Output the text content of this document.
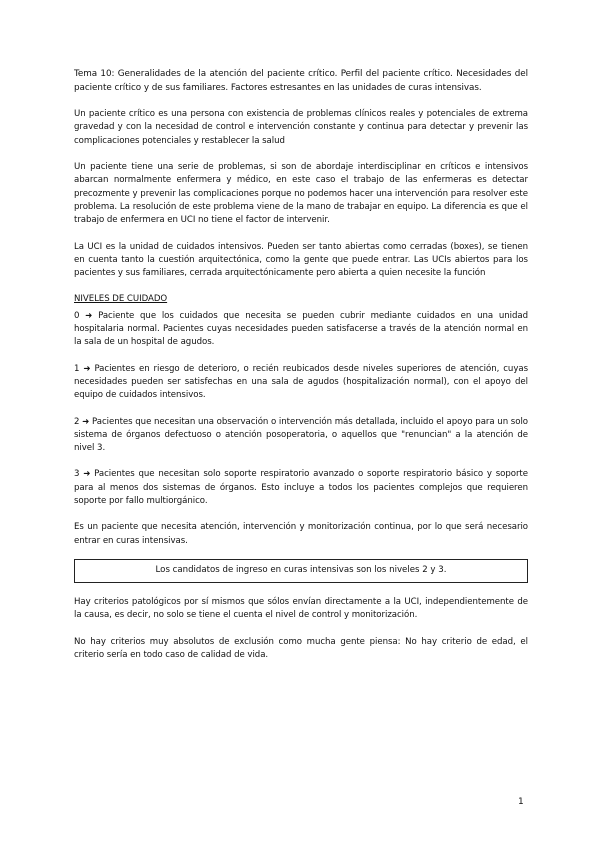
Tema 10: Generalidades de la atención del paciente crítico. Perfil del paciente crítico. Necesidades del paciente crítico y de sus familiares. Factores estresantes en las unidades de curas intensivas.

Un paciente crítico es una persona con existencia de problemas clínicos reales y potenciales de extrema gravedad y con la necesidad de control e intervención constante y continua para detectar y prevenir las complicaciones potenciales y restablecer la salud

Un paciente tiene una serie de problemas, si son de abordaje interdisciplinar en críticos e intensivos abarcan normalmente enfermera y médico, en este caso el trabajo de las enfermeras es detectar precozmente y prevenir las complicaciones porque no podemos hacer una intervención para resolver este problema. La resolución de este problema viene de la mano de trabajar en equipo. La diferencia es que el trabajo de enfermera en UCI no tiene el factor de intervenir.

La UCI es la unidad de cuidados intensivos. Pueden ser tanto abiertas como cerradas (boxes), se tienen en cuenta tanto la cuestión arquitectónica, como la gente que puede entrar. Las UCIs abiertos para los pacientes y sus familiares, cerrada arquitectónicamente pero abierta a quien necesite la función

NIVELES DE CUIDADO

0 ➜ Paciente que los cuidados que necesita se pueden cubrir mediante cuidados en una unidad hospitalaria normal. Pacientes cuyas necesidades pueden satisfacerse a través de la atención normal en la sala de un hospital de agudos.

1 ➜ Pacientes en riesgo de deterioro, o recién reubicados desde niveles superiores de atención, cuyas necesidades pueden ser satisfechas en una sala de agudos (hospitalización normal), con el apoyo del equipo de cuidados intensivos.

2 ➜ Pacientes que necesitan una observación o intervención más detallada, incluido el apoyo para un solo sistema de órganos defectuoso o atención posoperatoria, o aquellos que "renuncian" a la atención de nivel 3.

3 ➜ Pacientes que necesitan solo soporte respiratorio avanzado o soporte respiratorio básico y soporte para al menos dos sistemas de órganos. Esto incluye a todos los pacientes complejos que requieren soporte por fallo multiorgánico.

Es un paciente que necesita atención, intervención y monitorización continua, por lo que será necesario entrar en curas intensivas.

Los candidatos de ingreso en curas intensivas son los niveles 2 y 3.

Hay criterios patológicos por sí mismos que sólos envían directamente a la UCI, independientemente de la causa, es decir, no solo se tiene el cuenta el nivel de control y monitorización.

No hay criterios muy absolutos de exclusión como mucha gente piensa: No hay criterio de edad, el criterio sería en todo caso de calidad de vida.

1
